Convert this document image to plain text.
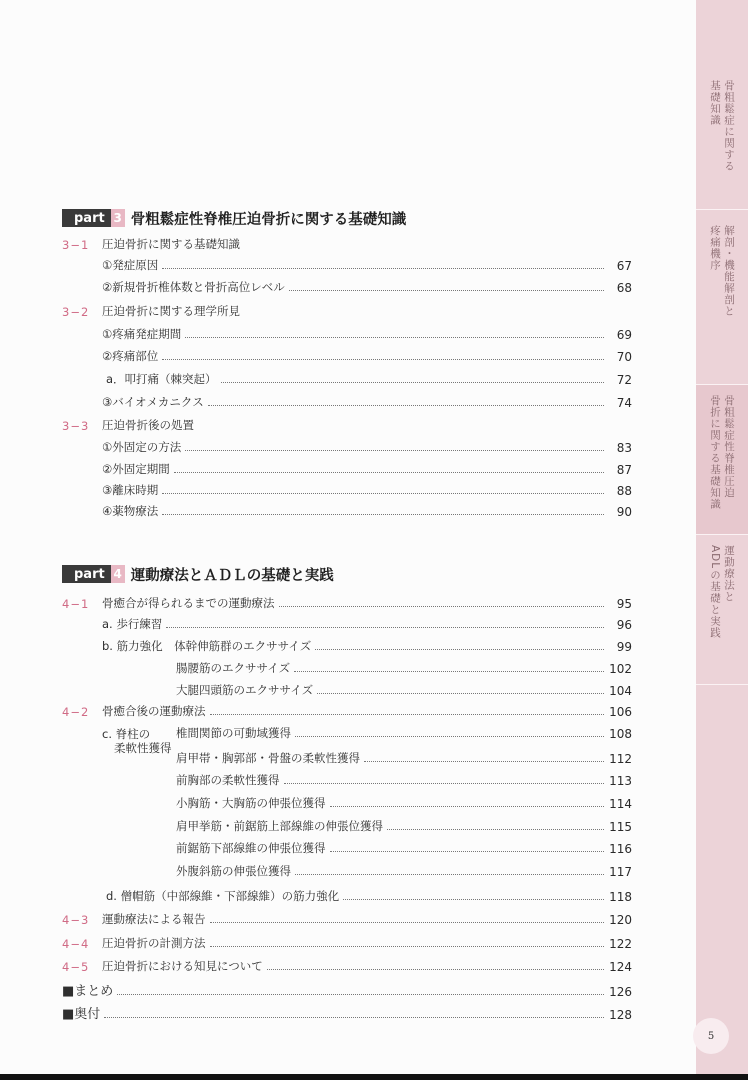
骨粗鬆症に関する
基礎知識
解剖・機能解剖と
疼痛機序
骨粗鬆症性脊椎圧迫
骨折に関する基礎知識
運動療法と
ADLの基礎と実践
5
part 3 骨粗鬆症性脊椎圧迫骨折に関する基礎知識
3−1 圧迫骨折に関する基礎知識
①発症原因	67
②新規骨折椎体数と骨折高位レベル	68
3−2 圧迫骨折に関する理学所見
①疼痛発症期間	69
②疼痛部位	70
a．叩打痛（棘突起）	72
③バイオメカニクス	74
3−3 圧迫骨折後の処置
①外固定の方法	83
②外固定期間	87
③離床時期	88
④薬物療法	90
part 4 運動療法とＡＤＬの基礎と実践
4−1 骨癒合が得られるまでの運動療法	95
a. 歩行練習	96
b. 筋力強化　体幹伸筋群のエクササイズ	99
腸腰筋のエクササイズ	102
大腿四頭筋のエクササイズ	104
4−2 骨癒合後の運動療法	106
c. 脊柱の
柔軟性獲得
椎間関節の可動域獲得	108
肩甲帯・胸郭部・骨盤の柔軟性獲得	112
前胸部の柔軟性獲得	113
小胸筋・大胸筋の伸張位獲得	114
肩甲挙筋・前鋸筋上部線維の伸張位獲得	115
前鋸筋下部線維の伸張位獲得	116
外腹斜筋の伸張位獲得	117
d. 僧帽筋（中部線維・下部線維）の筋力強化	118
4−3 運動療法による報告	120
4−4 圧迫骨折の計測方法	122
4−5 圧迫骨折における知見について	124
■まとめ	126
■奥付	128
